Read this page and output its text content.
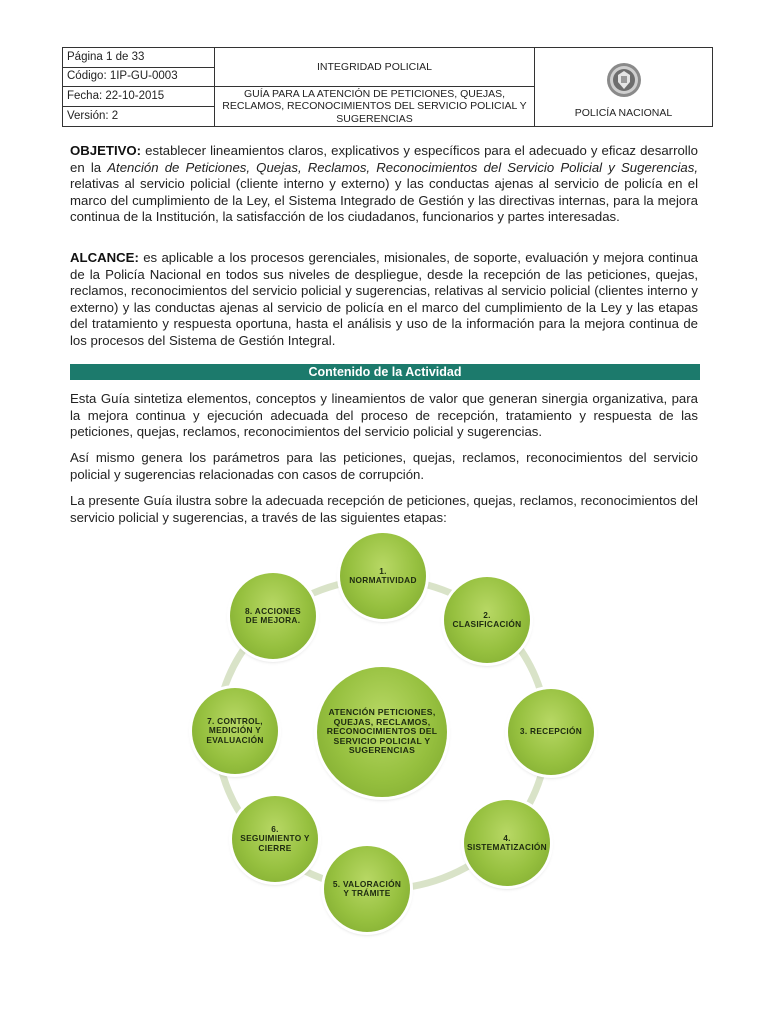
Página 1 de 33	INTEGRIDAD POLICIAL	POLICÍA NACIONAL
Código: 1IP-GU-0003		
Fecha: 22-10-2015	GUÍA PARA LA ATENCIÓN DE PETICIONES, QUEJAS, RECLAMOS, RECONOCIMIENTOS DEL SERVICIO POLICIAL Y SUGERENCIAS	
Versión: 2		

OBJETIVO: establecer lineamientos claros, explicativos y específicos para el adecuado y eficaz desarrollo en la Atención de Peticiones, Quejas, Reclamos, Reconocimientos del Servicio Policial y Sugerencias, relativas al servicio policial (cliente interno y externo) y las conductas ajenas al servicio de policía en el marco del cumplimiento de la Ley, el Sistema Integrado de Gestión y las directivas internas, para la mejora continua de la Institución, la satisfacción de los ciudadanos, funcionarios y partes interesadas.

ALCANCE: es aplicable a los procesos gerenciales, misionales, de soporte, evaluación y mejora continua de la Policía Nacional en todos sus niveles de despliegue, desde la recepción de las peticiones, quejas, reclamos, reconocimientos del servicio policial y sugerencias, relativas al servicio policial (clientes interno y externo) y las conductas ajenas al servicio de policía en el marco del cumplimiento de la Ley y las etapas del tratamiento y respuesta oportuna, hasta el análisis y uso de la información para la mejora continua de los procesos del Sistema de Gestión Integral.

Contenido de la Actividad

Esta Guía sintetiza elementos, conceptos y lineamientos de valor que generan sinergia organizativa, para la mejora continua y ejecución adecuada del proceso de recepción, tratamiento y respuesta de las peticiones, quejas, reclamos, reconocimientos del servicio policial y sugerencias.

Así mismo genera los parámetros para las peticiones, quejas, reclamos, reconocimientos del servicio policial y sugerencias relacionadas con casos de corrupción.

La presente Guía ilustra sobre la adecuada recepción de peticiones, quejas, reclamos, reconocimientos del servicio policial y sugerencias, a través de las siguientes etapas:

ATENCIÓN PETICIONES, QUEJAS, RECLAMOS, RECONOCIMIENTOS DEL SERVICIO POLICIAL Y SUGERENCIAS
1. NORMATIVIDAD
2. CLASIFICACIÓN
3. RECEPCIÓN
4. SISTEMATIZACIÓN
5. VALORACIÓN Y TRÁMITE
6. SEGUIMIENTO Y CIERRE
7. CONTROL, MEDICIÓN Y EVALUACIÓN
8. ACCIONES DE MEJORA.
